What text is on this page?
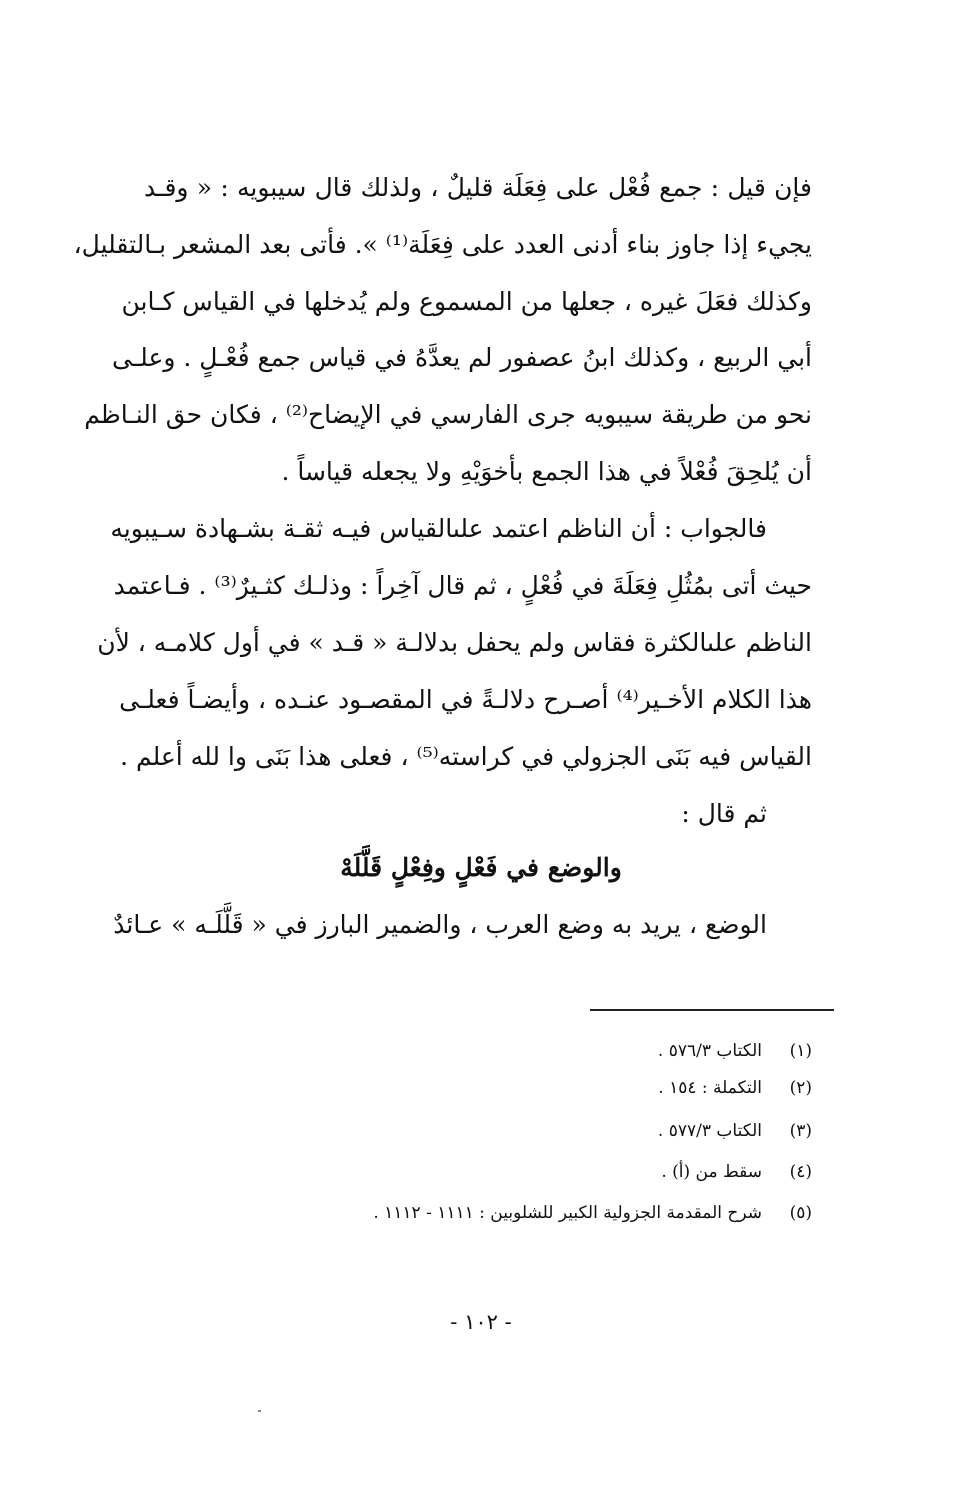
فإن قيل : جمع فُعْل على فِعَلَة قليلٌ ، ولذلك قال سيبويه : « وقـد
يجيء إذا جاوز بناء أدنى العدد على فِعَلَة⁽¹⁾ ». فأتى بعد المشعر بـالتقليل،
وكذلك فعَلَ غيره ، جعلها من المسموع ولم يُدخلها في القياس كـابن
أبي الربيع ، وكذلك ابنُ عصفور لم يعدَّهُ في قياس جمع فُعْـلٍ . وعلـى
نحو من طريقة سيبويه جرى الفارسي في الإيضاح⁽²⁾ ، فكان حق النـاظم
أن يُلحِقَ فُعْلاً في هذا الجمع بأخوَيْهِ ولا يجعله قياساً .
فالجواب : أن الناظم اعتمد علىالقياس فيـه ثقـة بشـهادة سـيبويه
حيث أتى بمُثُلِ فِعَلَةَ في فُعْلٍ ، ثم قال آخِراً : وذلـك كثـيرٌ⁽³⁾ . فـاعتمد
الناظم علىالكثرة فقاس ولم يحفل بدلالـة « قـد » في أول كلامـه ، لأن
هذا الكلام الأخـير⁽⁴⁾ أصـرح دلالـةً في المقصـود عنـده ، وأيضـاً فعلـى
القياس فيه بَنَى الجزولي في كراسته⁽⁵⁾ ، فعلى هذا بَنَى وا لله أعلم .
ثم قال :
والوضع في فَعْلٍ وفِعْلٍ قَلَّلَهْ
الوضع ، يريد به وضع العرب ، والضمير البارز في « قَلَّلَـه » عـائدٌ
(١)الكتاب ٥٧٦/٣ .
(٢)التكملة : ١٥٤ .
(٣)الكتاب ٥٧٧/٣ .
(٤)سقط من (أ) .
(٥)شرح المقدمة الجزولية الكبير للشلوبين : ١١١١ - ١١١٢ .
- ١٠٢ -
